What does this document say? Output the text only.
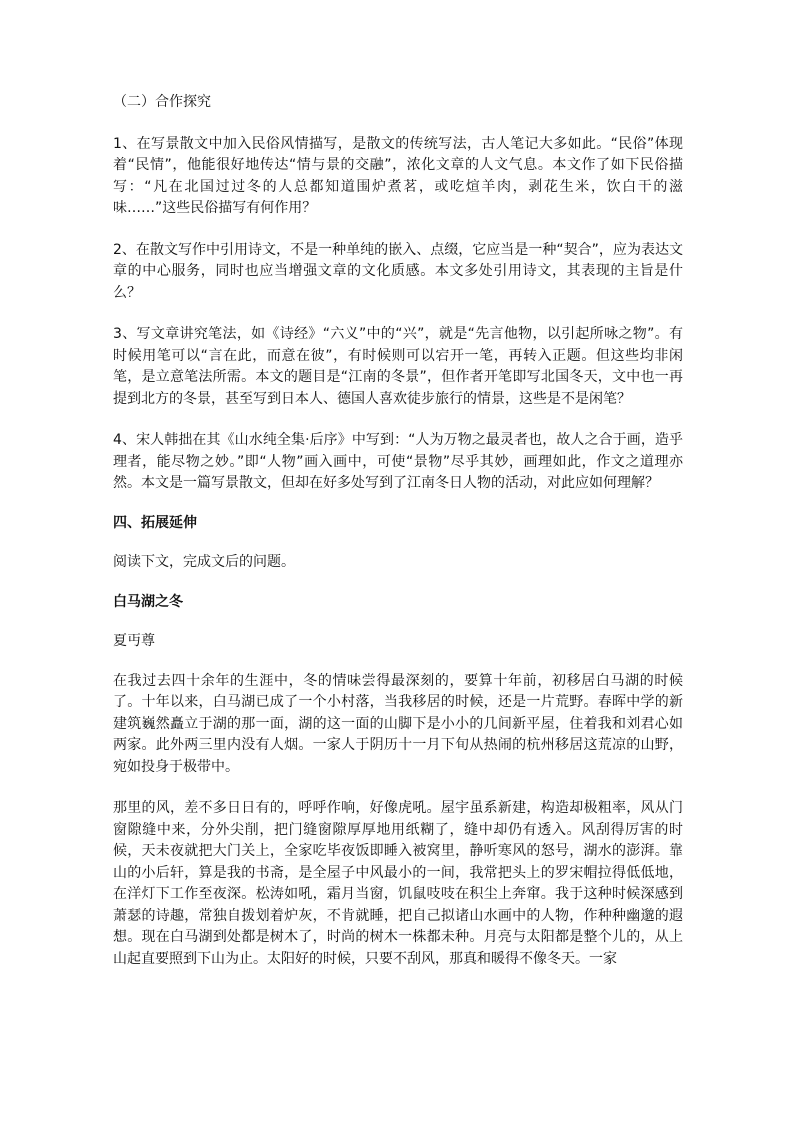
（二）合作探究

1、在写景散文中加入民俗风情描写，是散文的传统写法，古人笔记大多如此。“民俗”体现着“民情”，他能很好地传达“情与景的交融”，浓化文章的人文气息。本文作了如下民俗描写：“凡在北国过过冬的人总都知道围炉煮茗，或吃煊羊肉，剥花生米，饮白干的滋味……”这些民俗描写有何作用？

2、在散文写作中引用诗文，不是一种单纯的嵌入、点缀，它应当是一种“契合”，应为表达文章的中心服务，同时也应当增强文章的文化质感。本文多处引用诗文，其表现的主旨是什么？

3、写文章讲究笔法，如《诗经》“六义”中的“兴”，就是“先言他物，以引起所咏之物”。有时候用笔可以“言在此，而意在彼”，有时候则可以宕开一笔，再转入正题。但这些均非闲笔，是立意笔法所需。本文的题目是“江南的冬景”，但作者开笔即写北国冬天，文中也一再提到北方的冬景，甚至写到日本人、德国人喜欢徒步旅行的情景，这些是不是闲笔？

4、宋人韩拙在其《山水纯全集·后序》中写到：“人为万物之最灵者也，故人之合于画，造乎理者，能尽物之妙。”即“人物”画入画中，可使“景物”尽乎其妙，画理如此，作文之道理亦然。本文是一篇写景散文，但却在好多处写到了江南冬日人物的活动，对此应如何理解？

四、拓展延伸

阅读下文，完成文后的问题。

白马湖之冬

夏丏尊

在我过去四十余年的生涯中，冬的情味尝得最深刻的，要算十年前，初移居白马湖的时候了。十年以来，白马湖已成了一个小村落，当我移居的时候，还是一片荒野。春晖中学的新建筑巍然矗立于湖的那一面，湖的这一面的山脚下是小小的几间新平屋，住着我和刘君心如两家。此外两三里内没有人烟。一家人于阴历十一月下旬从热闹的杭州移居这荒凉的山野，宛如投身于极带中。

那里的风，差不多日日有的，呼呼作响，好像虎吼。屋宇虽系新建，构造却极粗率，风从门窗隙缝中来，分外尖削，把门缝窗隙厚厚地用纸糊了，缝中却仍有透入。风刮得厉害的时候，天未夜就把大门关上，全家吃毕夜饭即睡入被窝里，静听寒风的怒号，湖水的澎湃。靠山的小后轩，算是我的书斋，是全屋子中风最小的一间，我常把头上的罗宋帽拉得低低地，在洋灯下工作至夜深。松涛如吼，霜月当窗，饥鼠吱吱在积尘上奔窜。我于这种时候深感到萧瑟的诗趣，常独自拨划着炉灰，不肯就睡，把自己拟诸山水画中的人物，作种种幽邈的遐想。现在白马湖到处都是树木了，时尚的树木一株都未种。月亮与太阳都是整个儿的，从上山起直要照到下山为止。太阳好的时候，只要不刮风，那真和暖得不像冬天。一家
